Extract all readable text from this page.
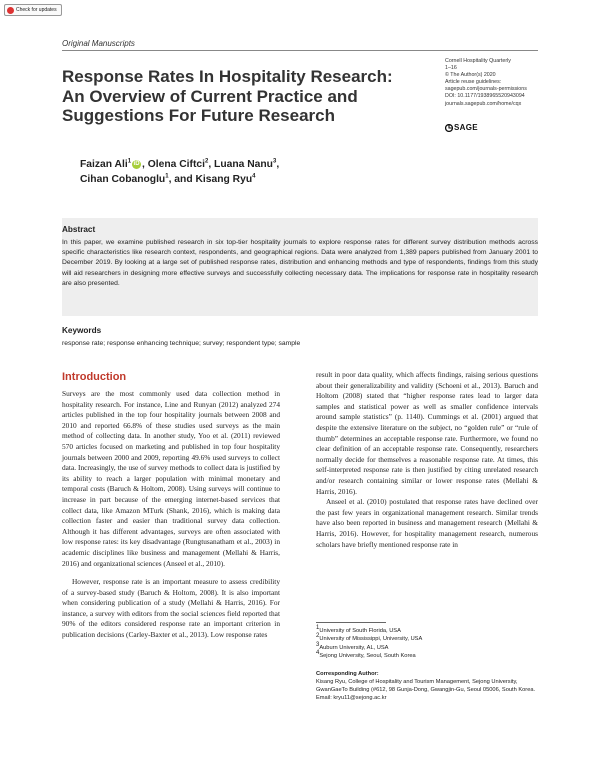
Check for updates
Original Manuscripts
Response Rates In Hospitality Research: An Overview of Current Practice and Suggestions For Future Research
Cornell Hospitality Quarterly
1–16
© The Author(s) 2020
Article reuse guidelines:
sagepub.com/journals-permissions
DOI: 10.1177/1938965520943094
journals.sagepub.com/home/cqx
SAGE
Faizan Ali$^1$ iD , Olena Ciftci$^2$, Luana Nanu$^3$,
Cihan Cobanoglu$^1$, and Kisang Ryu$^4$
Abstract
In this paper, we examine published research in six top-tier hospitality journals to explore response rates for different survey distribution methods across specific characteristics like research context, respondents, and geographical regions. Data were analyzed from 1,389 papers published from January 2001 to December 2019. By looking at a large set of published response rates, distribution and enhancing methods and type of respondents, findings from this study will aid researchers in designing more effective surveys and successfully collecting necessary data. The implications for response rate in hospitality research are also presented.
Keywords
response rate; response enhancing technique; survey; respondent type; sample
Introduction

Surveys are the most commonly used data collection method in hospitality research. For instance, Line and Runyan (2012) analyzed 274 articles published in the top four hospitality journals between 2008 and 2010 and reported 66.8% of these studies used surveys as the main method of collecting data. In another study, Yoo et al. (2011) reviewed 570 articles focused on marketing and published in top four hospitality journals between 2000 and 2009, reporting 49.6% used surveys to collect data. Increasingly, the use of survey methods to collect data is justified by its ability to reach a larger population with minimal monetary and temporal costs (Baruch & Holtom, 2008). Using surveys will continue to increase in part because of the emerging internet-based services that collect data, like Amazon MTurk (Shank, 2016), which is making data collection faster and easier than traditional survey data collection. Although it has different advantages, surveys are often associated with low response rates: its key disadvantage (Rungtusanatham et al., 2003) in academic disciplines like business and management (Mellahi & Harris, 2016) and organizational sciences (Anseel et al., 2010).

However, response rate is an important measure to assess credibility of a survey-based study (Baruch & Holtom, 2008). It is also important when considering publication of a study (Mellahi & Harris, 2016). For instance, a survey with editors from the social sciences field reported that 90% of the editors considered response rate an important criterion in publication decisions (Carley-Baxter et al., 2013). Low response rates

result in poor data quality, which affects findings, raising serious questions about their generalizability and validity (Schoeni et al., 2013). Baruch and Holtom (2008) stated that “higher response rates lead to larger data samples and statistical power as well as smaller confidence intervals around sample statistics” (p. 1140). Cummings et al. (2001) argued that despite the extensive literature on the subject, no “golden rule” or “rule of thumb” determines an acceptable response rate. Furthermore, we found no clear definition of an acceptable response rate. Consequently, researchers normally decide for themselves a reasonable response rate. At times, this self-interpreted response rate is then justified by citing unrelated research and/or research containing similar or lower response rates (Mellahi & Harris, 2016).

Anseel et al. (2010) postulated that response rates have declined over the past few years in organizational management research. Similar trends have also been reported in business and management research (Mellahi & Harris, 2016). However, for hospitality management research, numerous scholars have briefly mentioned response rate in

$^1$University of South Florida, USA
$^2$University of Mississippi, University, USA
$^3$Auburn University, AL, USA
$^4$Sejong University, Seoul, South Korea
Corresponding Author:
Kisang Ryu, College of Hospitality and Tourism Management, Sejong University, GwanGaeTo Building (#612, 98 Gunja-Dong, Gwangjin-Gu, Seoul 05006, South Korea.
Email: kryu11@sejong.ac.kr
